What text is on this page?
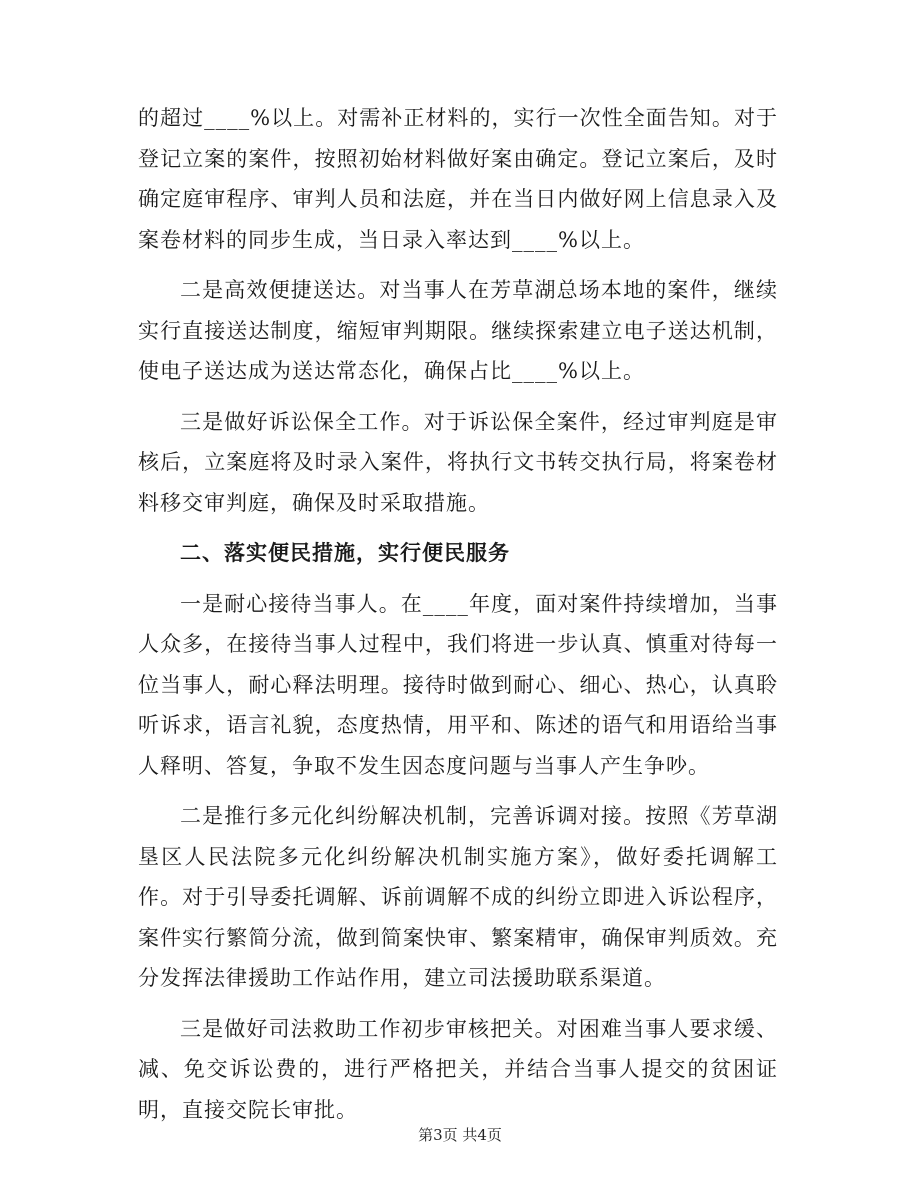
的超过____%以上。对需补正材料的，实行一次性全面告知。对于登记立案的案件，按照初始材料做好案由确定。登记立案后，及时确定庭审程序、审判人员和法庭，并在当日内做好网上信息录入及案卷材料的同步生成，当日录入率达到____%以上。

二是高效便捷送达。对当事人在芳草湖总场本地的案件，继续实行直接送达制度，缩短审判期限。继续探索建立电子送达机制，使电子送达成为送达常态化，确保占比____%以上。

三是做好诉讼保全工作。对于诉讼保全案件，经过审判庭是审核后，立案庭将及时录入案件，将执行文书转交执行局，将案卷材料移交审判庭，确保及时采取措施。

二、落实便民措施，实行便民服务

一是耐心接待当事人。在____年度，面对案件持续增加，当事人众多，在接待当事人过程中，我们将进一步认真、慎重对待每一位当事人，耐心释法明理。接待时做到耐心、细心、热心，认真聆听诉求，语言礼貌，态度热情，用平和、陈述的语气和用语给当事人释明、答复，争取不发生因态度问题与当事人产生争吵。

二是推行多元化纠纷解决机制，完善诉调对接。按照《芳草湖垦区人民法院多元化纠纷解决机制实施方案》，做好委托调解工作。对于引导委托调解、诉前调解不成的纠纷立即进入诉讼程序，案件实行繁简分流，做到简案快审、繁案精审，确保审判质效。充分发挥法律援助工作站作用，建立司法援助联系渠道。

三是做好司法救助工作初步审核把关。对困难当事人要求缓、减、免交诉讼费的，进行严格把关，并结合当事人提交的贫困证明，直接交院长审批。

第3页 共4页
